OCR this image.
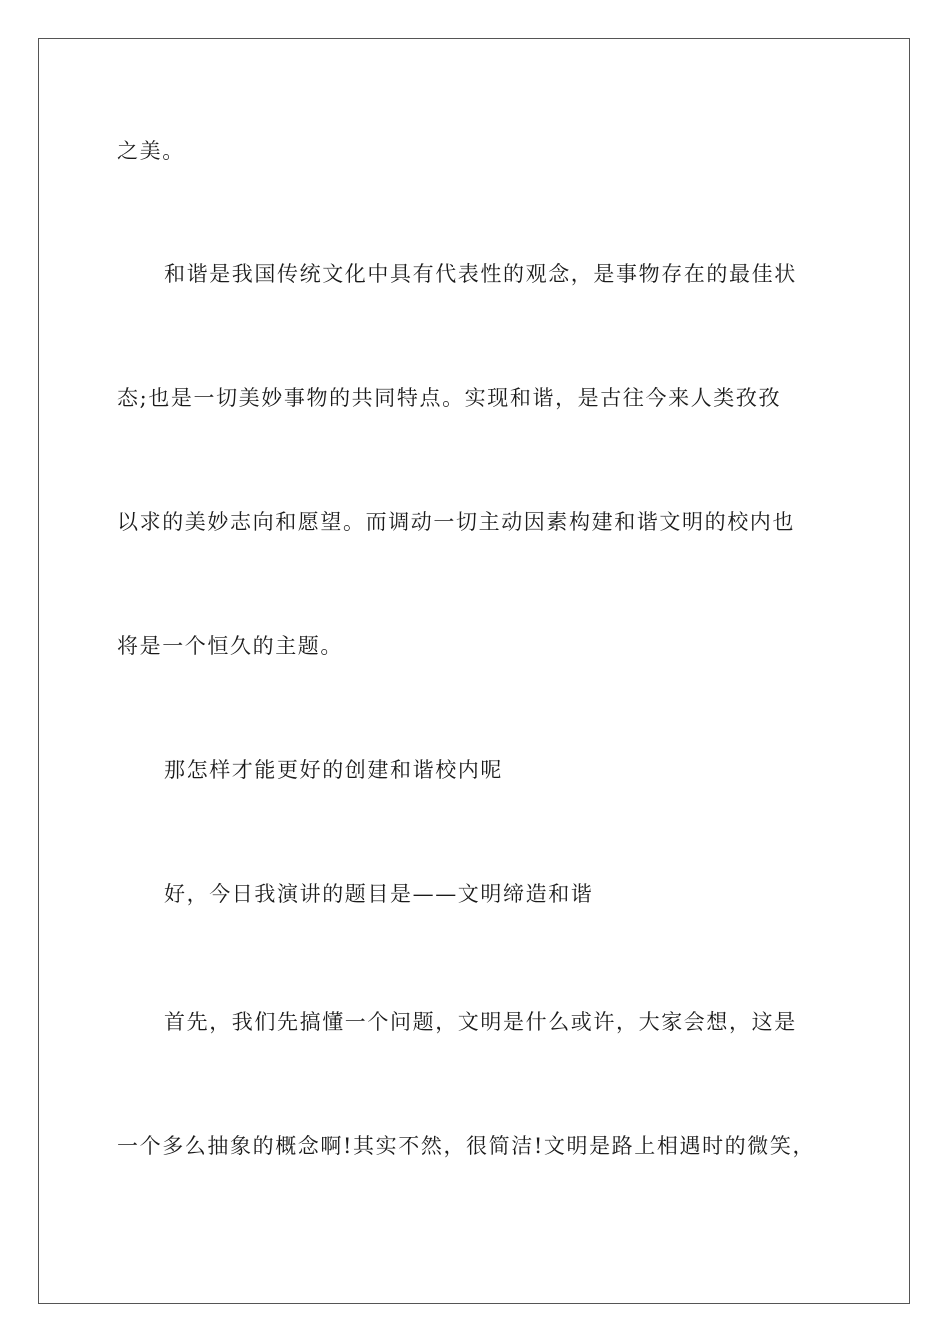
之美。
和谐是我国传统文化中具有代表性的观念，是事物存在的最佳状
态;也是一切美妙事物的共同特点。实现和谐，是古往今来人类孜孜
以求的美妙志向和愿望。而调动一切主动因素构建和谐文明的校内也
将是一个恒久的主题。
那怎样才能更好的创建和谐校内呢
好，今日我演讲的题目是——文明缔造和谐
首先，我们先搞懂一个问题，文明是什么或许，大家会想，这是
一个多么抽象的概念啊!其实不然，很简洁!文明是路上相遇时的微笑，
